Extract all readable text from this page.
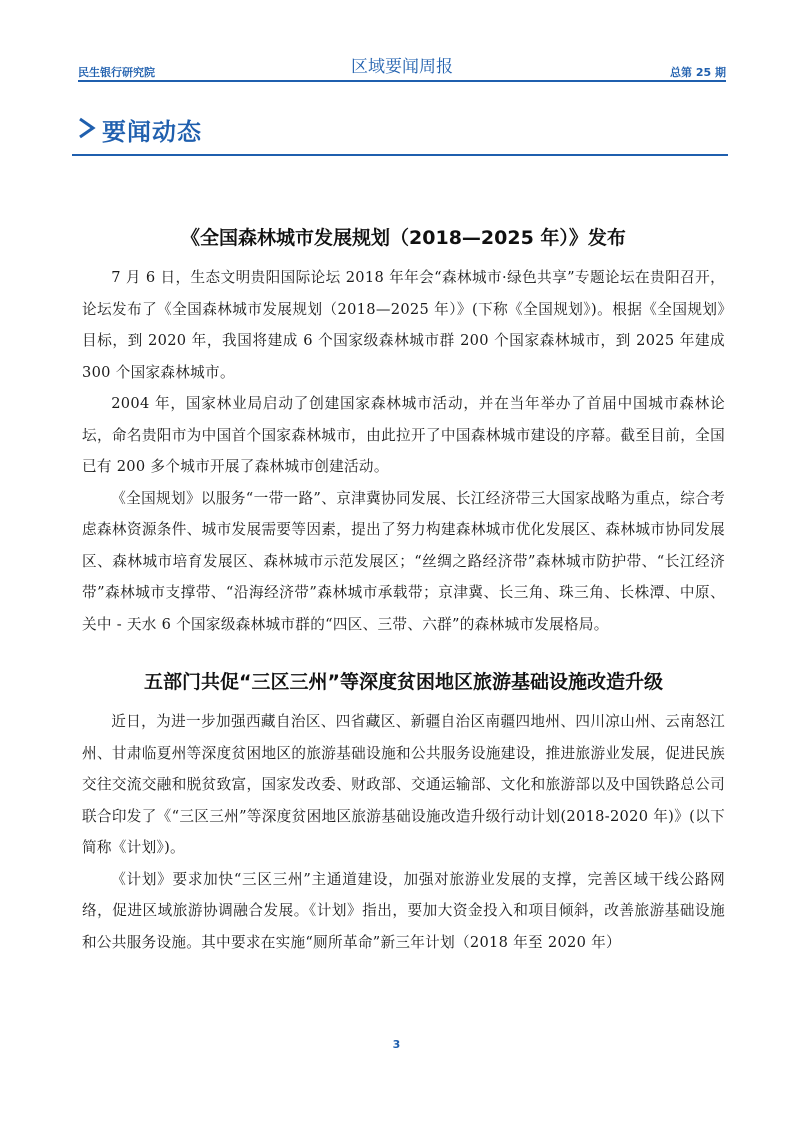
民生银行研究院	区域要闻周报	总第 25 期
要闻动态
《全国森林城市发展规划（2018—2025 年）》发布

7 月 6 日，生态文明贵阳国际论坛 2018 年年会“森林城市·绿色共享”专题论坛在贵阳召开，论坛发布了《全国森林城市发展规划（2018—2025 年）》(下称《全国规划》)。根据《全国规划》目标，到 2020 年，我国将建成 6 个国家级森林城市群 200 个国家森林城市，到 2025 年建成 300 个国家森林城市。

2004 年，国家林业局启动了创建国家森林城市活动，并在当年举办了首届中国城市森林论坛，命名贵阳市为中国首个国家森林城市，由此拉开了中国森林城市建设的序幕。截至目前，全国已有 200 多个城市开展了森林城市创建活动。

《全国规划》以服务“一带一路”、京津冀协同发展、长江经济带三大国家战略为重点，综合考虑森林资源条件、城市发展需要等因素，提出了努力构建森林城市优化发展区、森林城市协同发展区、森林城市培育发展区、森林城市示范发展区；“丝绸之路经济带”森林城市防护带、“长江经济带”森林城市支撑带、“沿海经济带”森林城市承载带；京津冀、长三角、珠三角、长株潭、中原、关中 - 天水 6 个国家级森林城市群的“四区、三带、六群”的森林城市发展格局。

五部门共促“三区三州”等深度贫困地区旅游基础设施改造升级

近日，为进一步加强西藏自治区、四省藏区、新疆自治区南疆四地州、四川凉山州、云南怒江州、甘肃临夏州等深度贫困地区的旅游基础设施和公共服务设施建设，推进旅游业发展，促进民族交往交流交融和脱贫致富，国家发改委、财政部、交通运输部、文化和旅游部以及中国铁路总公司联合印发了《“三区三州”等深度贫困地区旅游基础设施改造升级行动计划(2018-2020 年)》(以下简称《计划》)。

《计划》要求加快“三区三州”主通道建设，加强对旅游业发展的支撑，完善区域干线公路网络，促进区域旅游协调融合发展。《计划》指出，要加大资金投入和项目倾斜，改善旅游基础设施和公共服务设施。其中要求在实施“厕所革命”新三年计划（2018 年至 2020 年）

3
